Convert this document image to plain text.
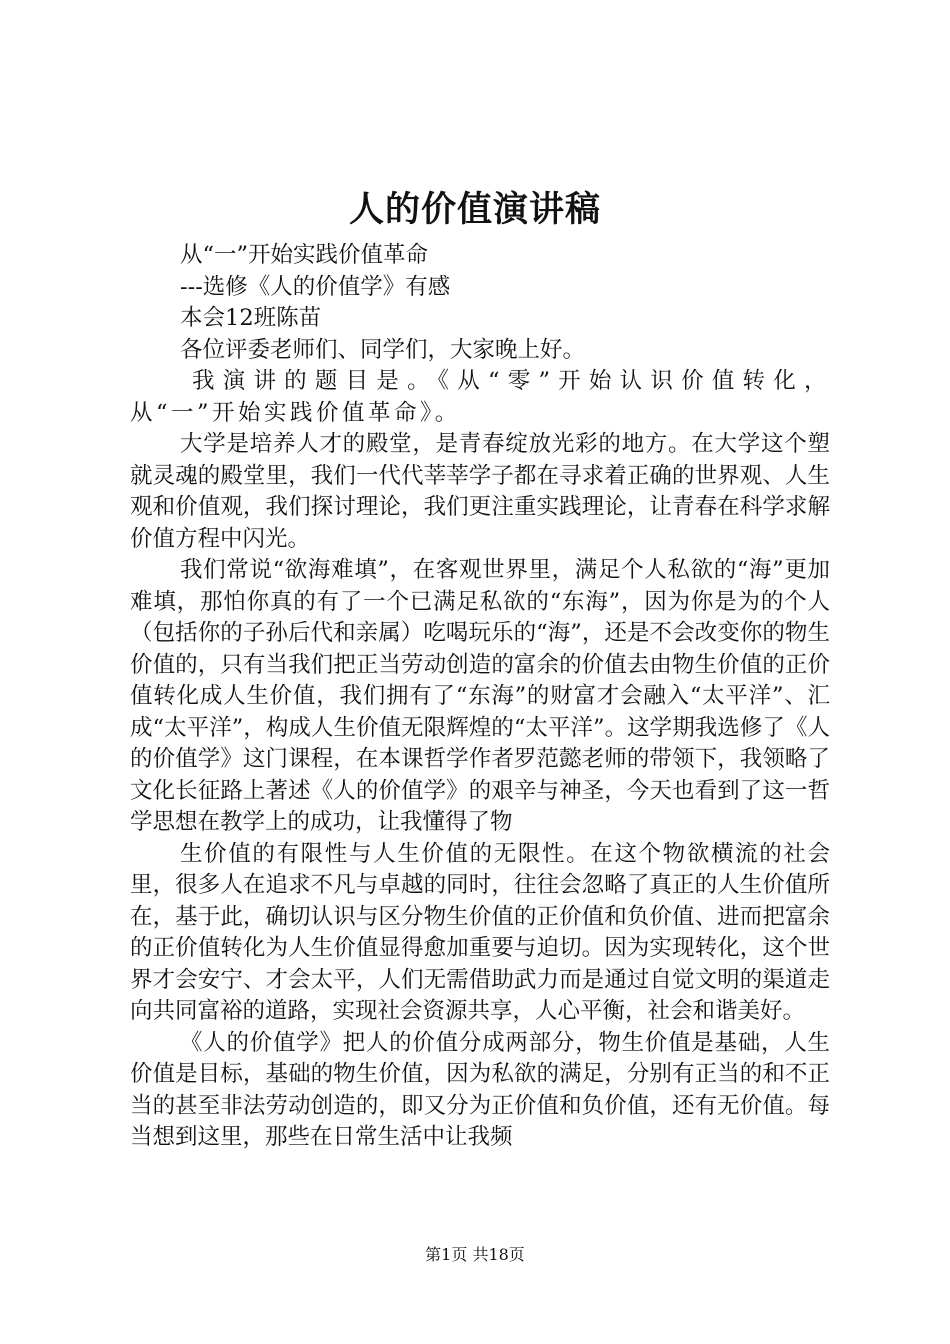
人的价值演讲稿

从“一”开始实践价值革命

---选修《人的价值学》有感

本会12班陈苗

各位评委老师们、同学们，大家晚上好。

我演讲的题目是。《从“零”开始认识价值转化，从“一”开始实践价值革命》。

大学是培养人才的殿堂，是青春绽放光彩的地方。在大学这个塑就灵魂的殿堂里，我们一代代莘莘学子都在寻求着正确的世界观、人生观和价值观，我们探讨理论，我们更注重实践理论，让青春在科学求解价值方程中闪光。

我们常说“欲海难填”，在客观世界里，满足个人私欲的“海”更加难填，那怕你真的有了一个已满足私欲的“东海”，因为你是为的个人（包括你的子孙后代和亲属）吃喝玩乐的“海”，还是不会改变你的物生价值的，只有当我们把正当劳动创造的富余的价值去由物生价值的正价值转化成人生价值，我们拥有了“东海”的财富才会融入“太平洋”、汇成“太平洋”，构成人生价值无限辉煌的“太平洋”。这学期我选修了《人的价值学》这门课程，在本课哲学作者罗范懿老师的带领下，我领略了文化长征路上著述《人的价值学》的艰辛与神圣，今天也看到了这一哲学思想在教学上的成功，让我懂得了物

生价值的有限性与人生价值的无限性。在这个物欲横流的社会里，很多人在追求不凡与卓越的同时，往往会忽略了真正的人生价值所在，基于此，确切认识与区分物生价值的正价值和负价值、进而把富余的正价值转化为人生价值显得愈加重要与迫切。因为实现转化，这个世界才会安宁、才会太平，人们无需借助武力而是通过自觉文明的渠道走向共同富裕的道路，实现社会资源共享，人心平衡，社会和谐美好。

《人的价值学》把人的价值分成两部分，物生价值是基础，人生价值是目标，基础的物生价值，因为私欲的满足，分别有正当的和不正当的甚至非法劳动创造的，即又分为正价值和负价值，还有无价值。每当想到这里，那些在日常生活中让我频

第1页 共18页
